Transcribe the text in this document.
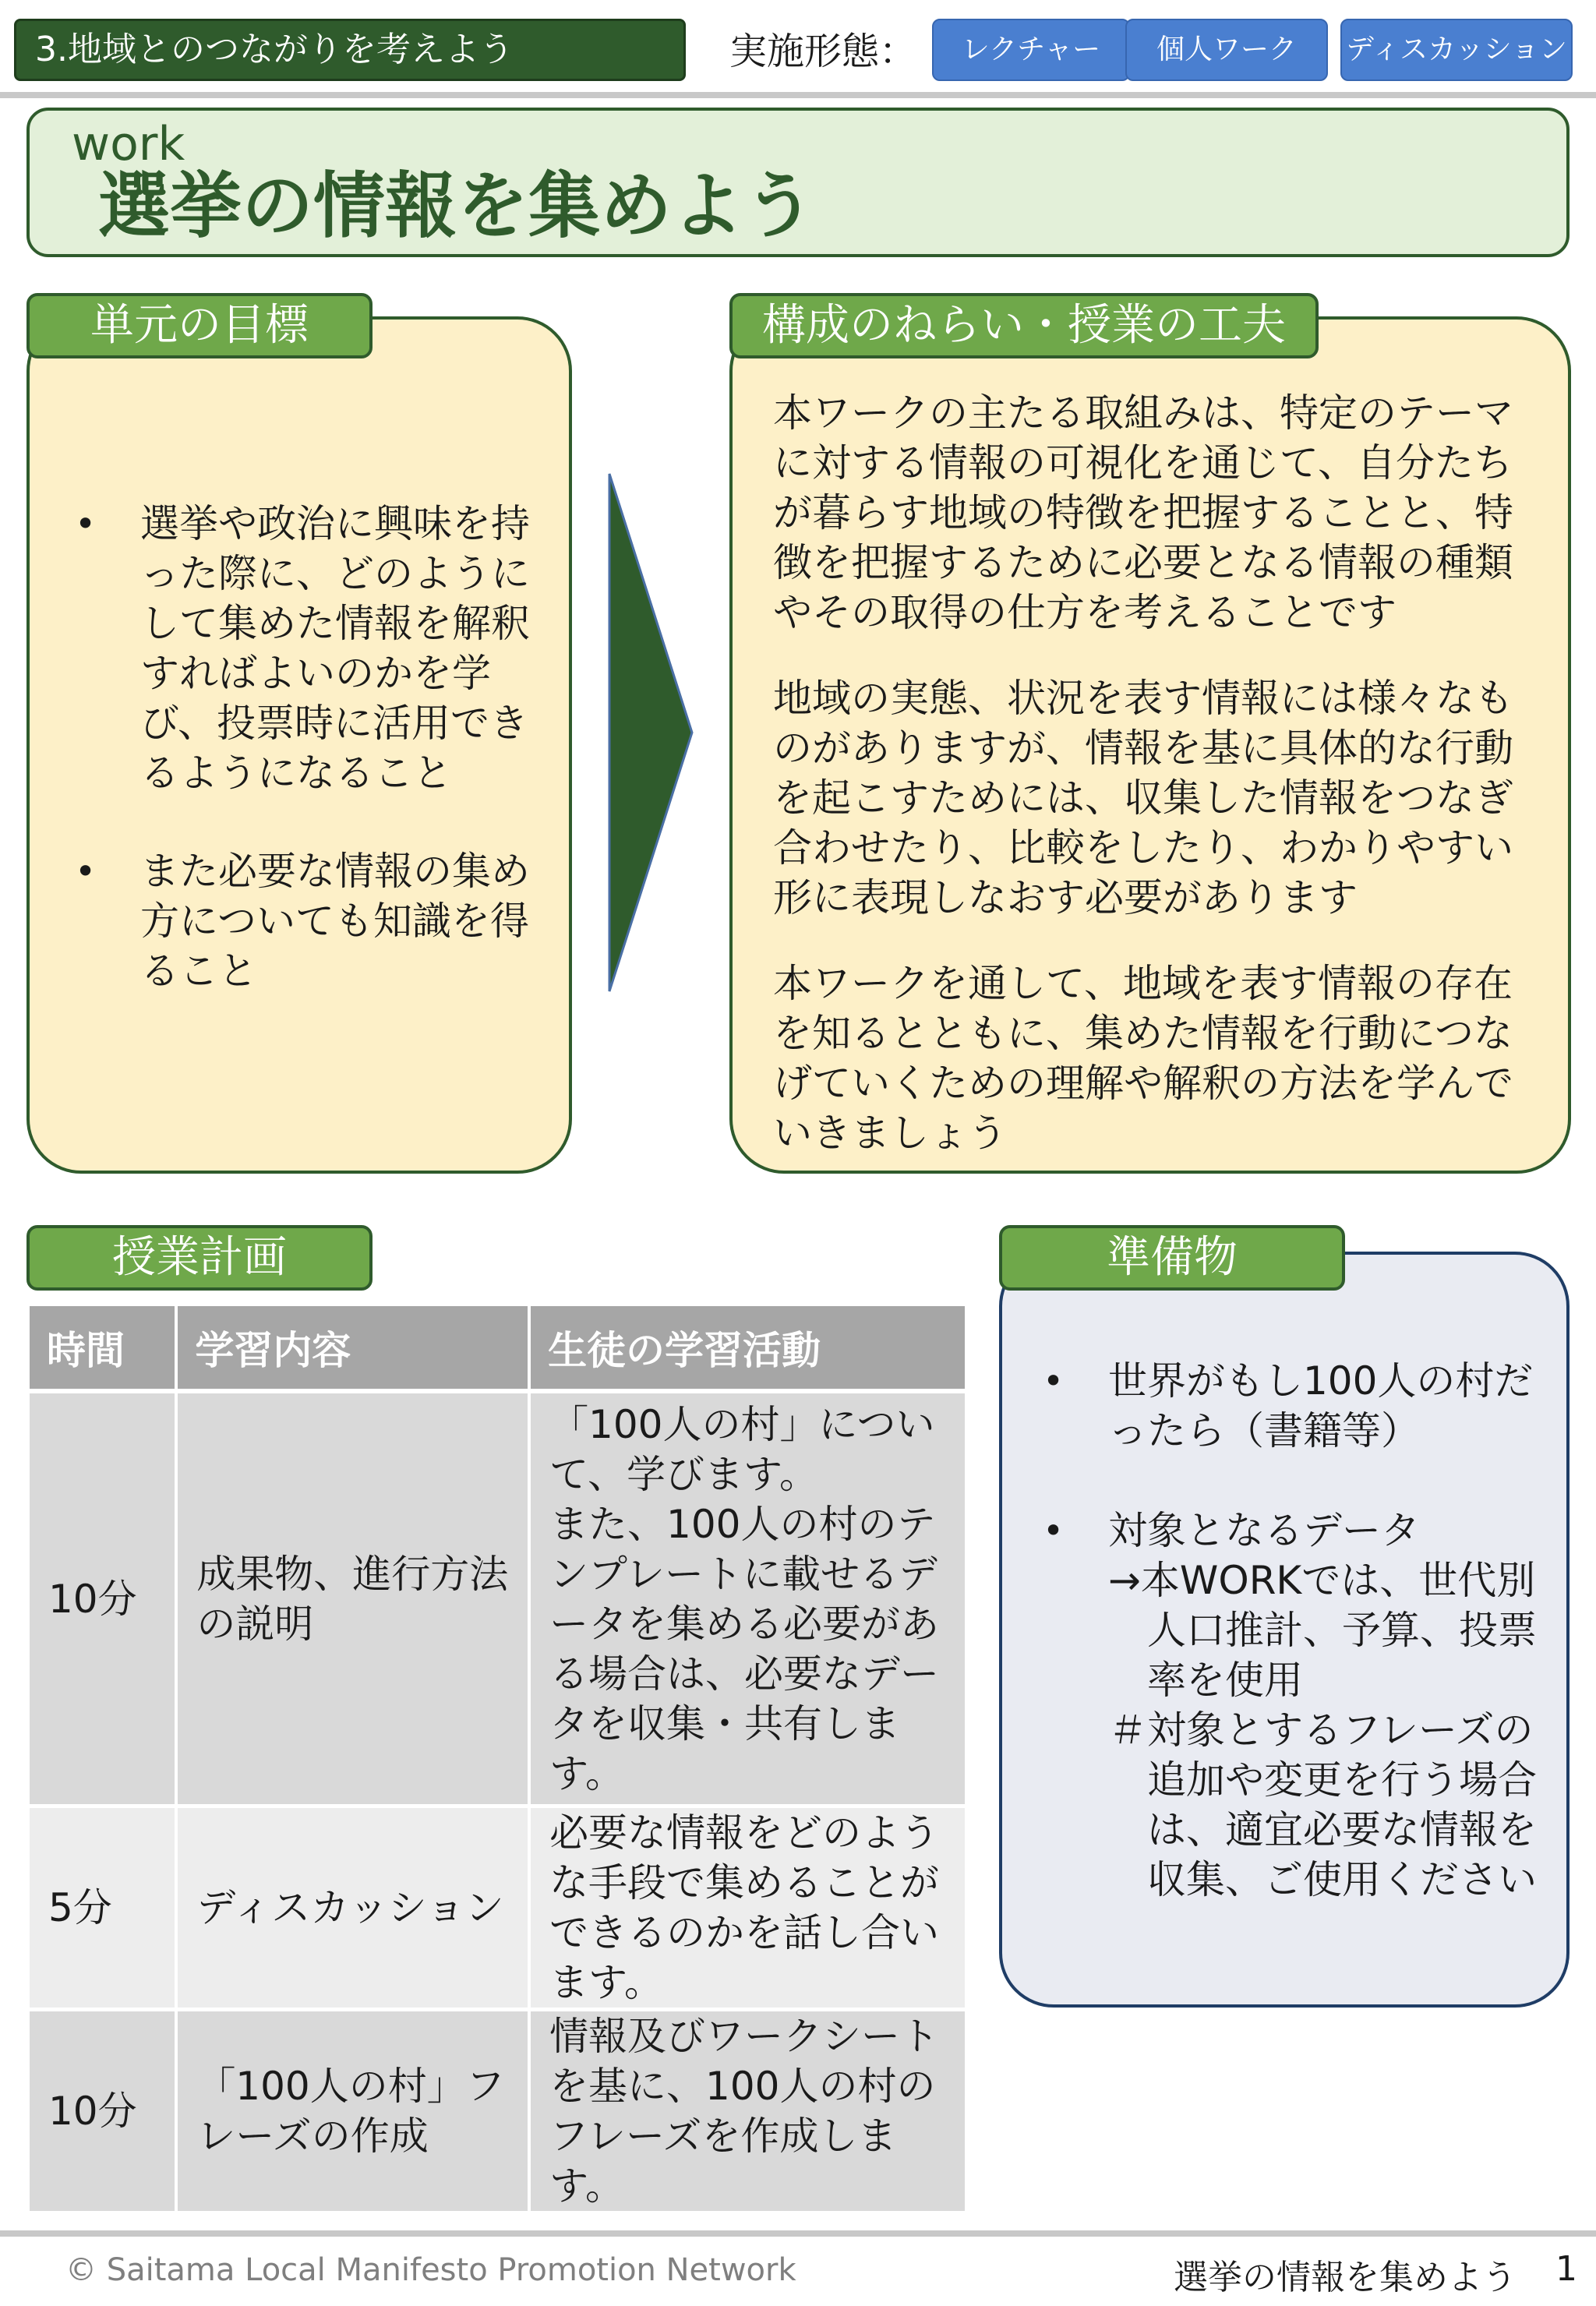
3.地域とのつながりを考えよう	実施形態：	レクチャー	個人ワーク	ディスカッション
work
選挙の情報を集めよう
単元の目標
• 選挙や政治に興味を持った際に、どのようにして集めた情報を解釈すればよいのかを学び、投票時に活用できるようになること
• また必要な情報の集め方についても知識を得ること
構成のねらい・授業の工夫

本ワークの主たる取組みは、特定のテーマに対する情報の可視化を通じて、自分たちが暮らす地域の特徴を把握することと、特徴を把握するために必要となる情報の種類やその取得の仕方を考えることです

地域の実態、状況を表す情報には様々なものがありますが、情報を基に具体的な行動を起こすためには、収集した情報をつなぎ合わせたり、比較をしたり、わかりやすい形に表現しなおす必要があります

本ワークを通して、地域を表す情報の存在を知るとともに、集めた情報を行動につなげていくための理解や解釈の方法を学んでいきましょう

授業計画
時間	学習内容	生徒の学習活動
10分	成果物、進行方法の説明	「100人の村」について、学びます。
また、100人の村のテンプレートに載せるデータを集める必要がある場合は、必要なデータを収集・共有します。
5分	ディスカッション	必要な情報をどのような手段で集めることができるのかを話し合います。
10分	「100人の村」フレーズの作成	情報及びワークシートを基に、100人の村のフレーズを作成します。
準備物
• 世界がもし100人の村だったら（書籍等）
• 対象となるデータ
→本WORKでは、世代別人口推計、予算、投票率を使用
＃対象とするフレーズの追加や変更を行う場合は、適宜必要な情報を収集、ご使用ください
© Saitama Local Manifesto Promotion Network	選挙の情報を集めよう 1
